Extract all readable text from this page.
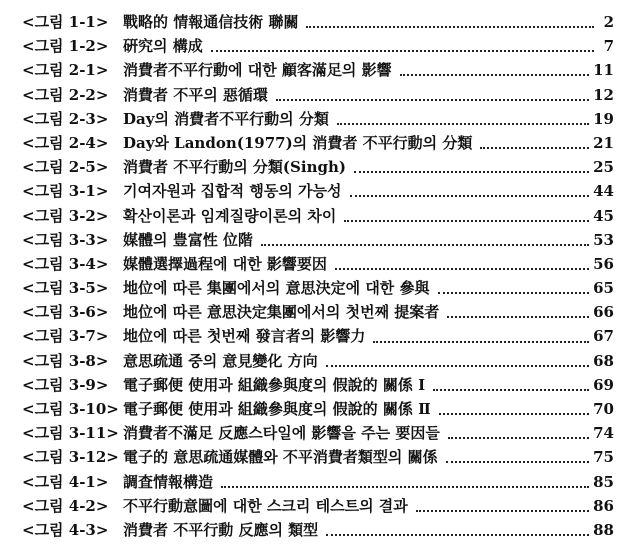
<그림 1-1> 戰略的 情報通信技術 聯關	2
<그림 1-2> 硏究의 構成	7
<그림 2-1> 消費者不平行動에 대한 顧客滿足의 影響	11
<그림 2-2> 消費者 不平의 惡循環	12
<그림 2-3> Day의 消費者不平行動의 分類	19
<그림 2-4> Day와 Landon(1977)의 消費者 不平行動의 分類	21
<그림 2-5> 消費者 不平行動의 分類(Singh)	25
<그림 3-1> 기여자원과 집합적 행동의 가능성	44
<그림 3-2> 확산이론과 임계질량이론의 차이	45
<그림 3-3> 媒體의 豊富性 位階	53
<그림 3-4> 媒體選擇過程에 대한 影響要因	56
<그림 3-5> 地位에 따른 集團에서의 意思決定에 대한 參與	65
<그림 3-6> 地位에 따른 意思決定集團에서의 첫번째 提案者	66
<그림 3-7> 地位에 따른 첫번째 發言者의 影響力	67
<그림 3-8> 意思疏通 중의 意見變化 方向	68
<그림 3-9> 電子郵便 使用과 組織參與度의 假說的 關係 Ⅰ	69
<그림 3-10> 電子郵便 使用과 組織參與度의 假說的 關係 Ⅱ	70
<그림 3-11> 消費者不滿足 反應스타일에 影響을 주는 要因들	74
<그림 3-12> 電子的 意思疏通媒體와 不平消費者類型의 關係	75
<그림 4-1> 調査情報構造	85
<그림 4-2> 不平行動意圖에 대한 스크리 테스트의 결과	86
<그림 4-3> 消費者 不平行動 反應의 類型	88
